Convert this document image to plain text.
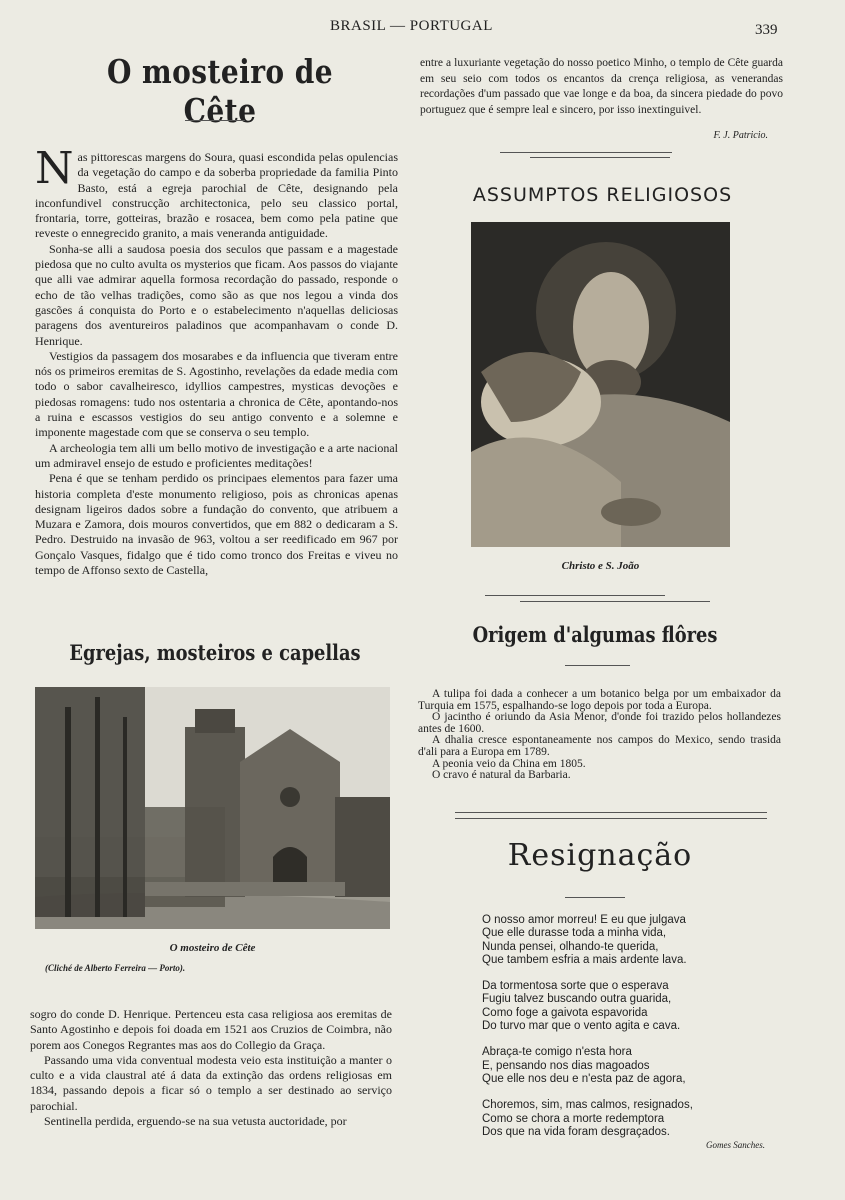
BRASIL — PORTUGAL	339
O mosteiro de Cête

Nas pittorescas margens do Soura, quasi escondida pelas opulencias da vegetação do campo e da soberba propriedade da familia Pinto Basto, está a egreja parochial de Cête, designando pela inconfundivel construcção architectonica, pelo seu classico portal, frontaria, torre, gotteiras, brazão e rosacea, bem como pela patine que reveste o ennegrecido granito, a mais veneranda antiguidade.

Sonha-se alli a saudosa poesia dos seculos que passam e a magestade piedosa que no culto avulta os mysterios que ficam. Aos passos do viajante que alli vae admirar aquella formosa recordação do passado, responde o echo de tão velhas tradições, como são as que nos legou a vinda dos gascões á conquista do Porto e o estabelecimento n'aquellas deliciosas paragens dos aventureiros paladinos que acompanhavam o conde D. Henrique.

Vestigios da passagem dos mosarabes e da influencia que tiveram entre nós os primeiros eremitas de S. Agostinho, revelações da edade media com todo o sabor cavalheiresco, idyllios campestres, mysticas devoções e piedosas romagens: tudo nos ostentaria a chronica de Cête, apontando-nos a ruina e escassos vestigios do seu antigo convento e a solemne e imponente magestade com que se conserva o seu templo.

A archeologia tem alli um bello motivo de investigação e a arte nacional um admiravel ensejo de estudo e proficientes meditações!

Pena é que se tenham perdido os principaes elementos para fazer uma historia completa d'este monumento religioso, pois as chronicas apenas designam ligeiros dados sobre a fundação do convento, que atribuem a Muzara e Zamora, dois mouros convertidos, que em 882 o dedicaram a S. Pedro. Destruido na invasão de 963, voltou a ser reedificado em 967 por Gonçalo Vasques, fidalgo que é tido como tronco dos Freitas e viveu no tempo de Affonso sexto de Castella,

Egrejas, mosteiros e capellas
O mosteiro de Cête
(Cliché de Alberto Ferreira — Porto).

sogro do conde D. Henrique. Pertenceu esta casa religiosa aos eremitas de Santo Agostinho e depois foi doada em 1521 aos Cruzios de Coimbra, não porem aos Conegos Regrantes mas aos do Collegio da Graça.

Passando uma vida conventual modesta veio esta instituição a manter o culto e a vida claustral até á data da extinção das ordens religiosas em 1834, passando depois a ficar só o templo a ser destinado ao serviço parochial.

Sentinella perdida, erguendo-se na sua vetusta auctoridade, por

entre a luxuriante vegetação do nosso poetico Minho, o templo de Cête guarda em seu seio com todos os encantos da crença religiosa, as venerandas recordações d'um passado que vae longe e da boa, da sincera piedade do povo portuguez que é sempre leal e sincero, por isso inextinguivel.

F. J. Patricio.
ASSUMPTOS RELIGIOSOS
Christo e S. João
Origem d'algumas flôres

A tulipa foi dada a conhecer a um botanico belga por um embaixador da Turquia em 1575, espalhando-se logo depois por toda a Europa.

O jacintho é oriundo da Asia Menor, d'onde foi trazido pelos hollandezes antes de 1600.

A dhalia cresce espontaneamente nos campos do Mexico, sendo trasida d'ali para a Europa em 1789.

A peonia veio da China em 1805.

O cravo é natural da Barbaria.

Resignação
O nosso amor morreu! E eu que julgava
Que elle durasse toda a minha vida,
Nunda pensei, olhando-te querida,
Que tambem esfria a mais ardente lava.
Da tormentosa sorte que o esperava
Fugiu talvez buscando outra guarida,
Como foge a gaivota espavorida
Do turvo mar que o vento agita e cava.
Abraça-te comigo n'esta hora
E, pensando nos dias magoados
Que elle nos deu e n'esta paz de agora,
Choremos, sim, mas calmos, resignados,
Como se chora a morte redemptora
Dos que na vida foram desgraçados.
Gomes Sanches.
